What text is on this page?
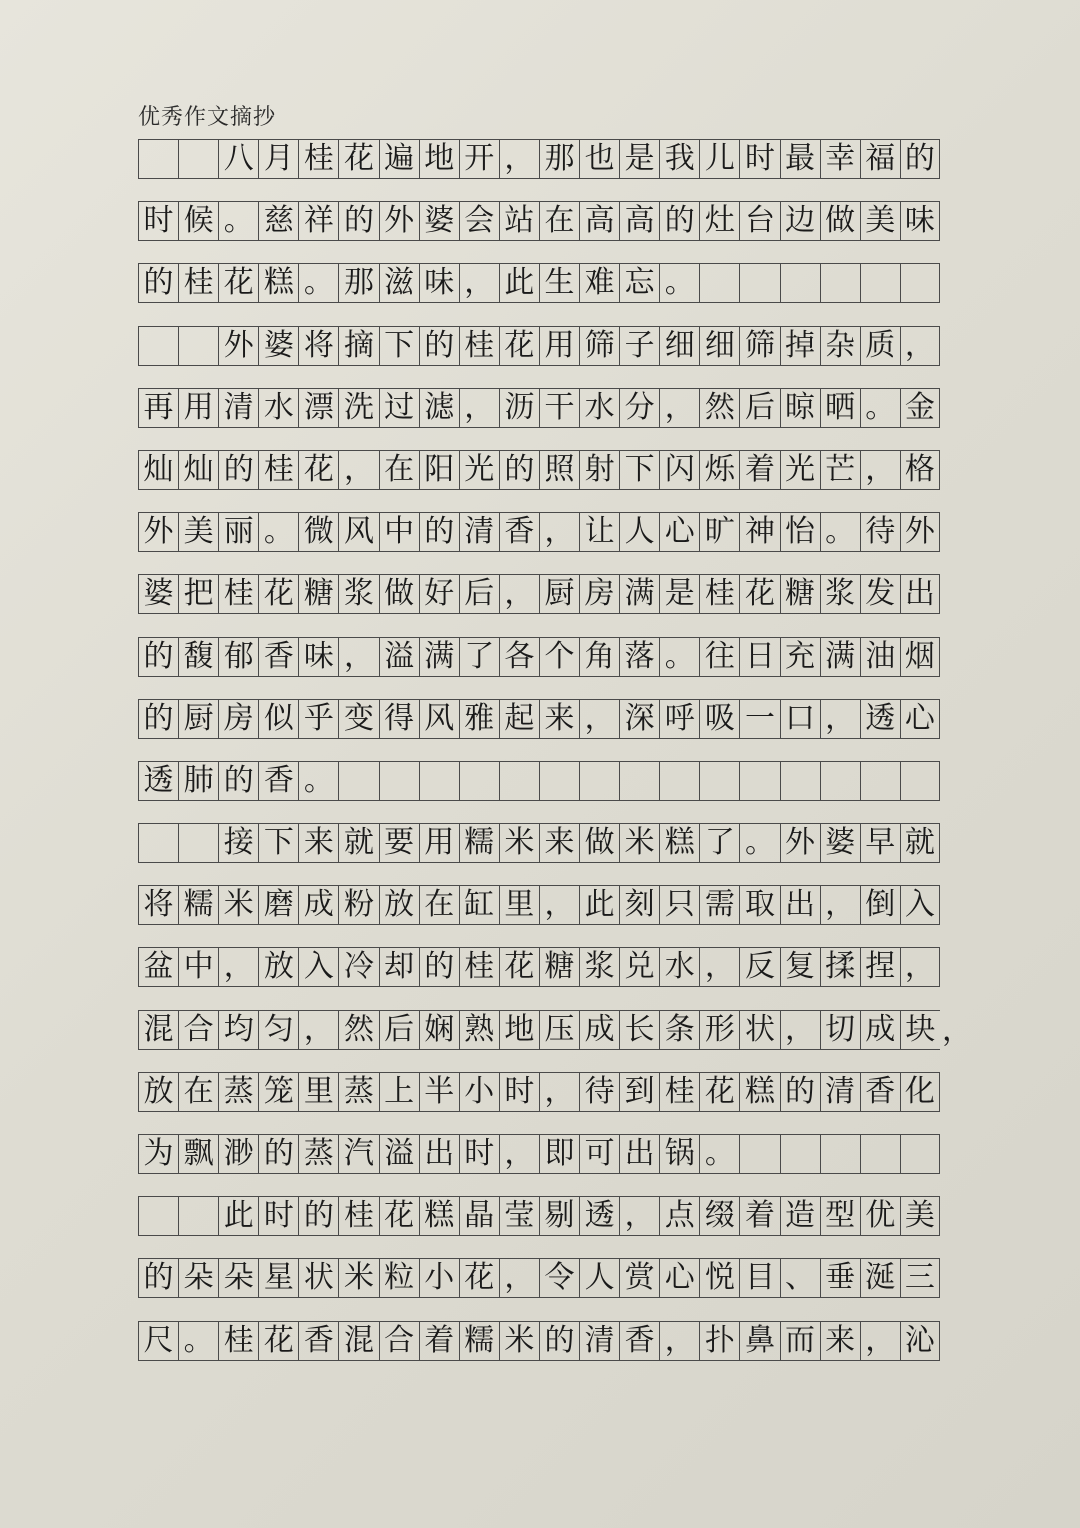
优秀作文摘抄
八 月 桂 花 遍 地 开 ， 那 也 是 我 儿 时 最 幸 福 的
时 候 。 慈 祥 的 外 婆 会 站 在 高 高 的 灶 台 边 做 美 味
的 桂 花 糕 。 那 滋 味 ， 此 生 难 忘 。
外 婆 将 摘 下 的 桂 花 用 筛 子 细 细 筛 掉 杂 质 ，
再 用 清 水 漂 洗 过 滤 ， 沥 干 水 分 ， 然 后 晾 晒 。 金
灿 灿 的 桂 花 ， 在 阳 光 的 照 射 下 闪 烁 着 光 芒 ， 格
外 美 丽 。 微 风 中 的 清 香 ， 让 人 心 旷 神 怡 。 待 外
婆 把 桂 花 糖 浆 做 好 后 ， 厨 房 满 是 桂 花 糖 浆 发 出
的 馥 郁 香 味 ， 溢 满 了 各 个 角 落 。 往 日 充 满 油 烟
的 厨 房 似 乎 变 得 风 雅 起 来 ， 深 呼 吸 一 口 ， 透 心
透 肺 的 香 。
接 下 来 就 要 用 糯 米 来 做 米 糕 了 。 外 婆 早 就
将 糯 米 磨 成 粉 放 在 缸 里 ， 此 刻 只 需 取 出 ， 倒 入
盆 中 ， 放 入 冷 却 的 桂 花 糖 浆 兑 水 ， 反 复 揉 捏 ，
混 合 均 匀 ， 然 后 娴 熟 地 压 成 长 条 形 状 ， 切 成 块 ，
放 在 蒸 笼 里 蒸 上 半 小 时 ， 待 到 桂 花 糕 的 清 香 化
为 飘 渺 的 蒸 汽 溢 出 时 ， 即 可 出 锅 。
此 时 的 桂 花 糕 晶 莹 剔 透 ， 点 缀 着 造 型 优 美
的 朵 朵 星 状 米 粒 小 花 ， 令 人 赏 心 悦 目 、 垂 涎 三
尺 。 桂 花 香 混 合 着 糯 米 的 清 香 ， 扑 鼻 而 来 ， 沁
